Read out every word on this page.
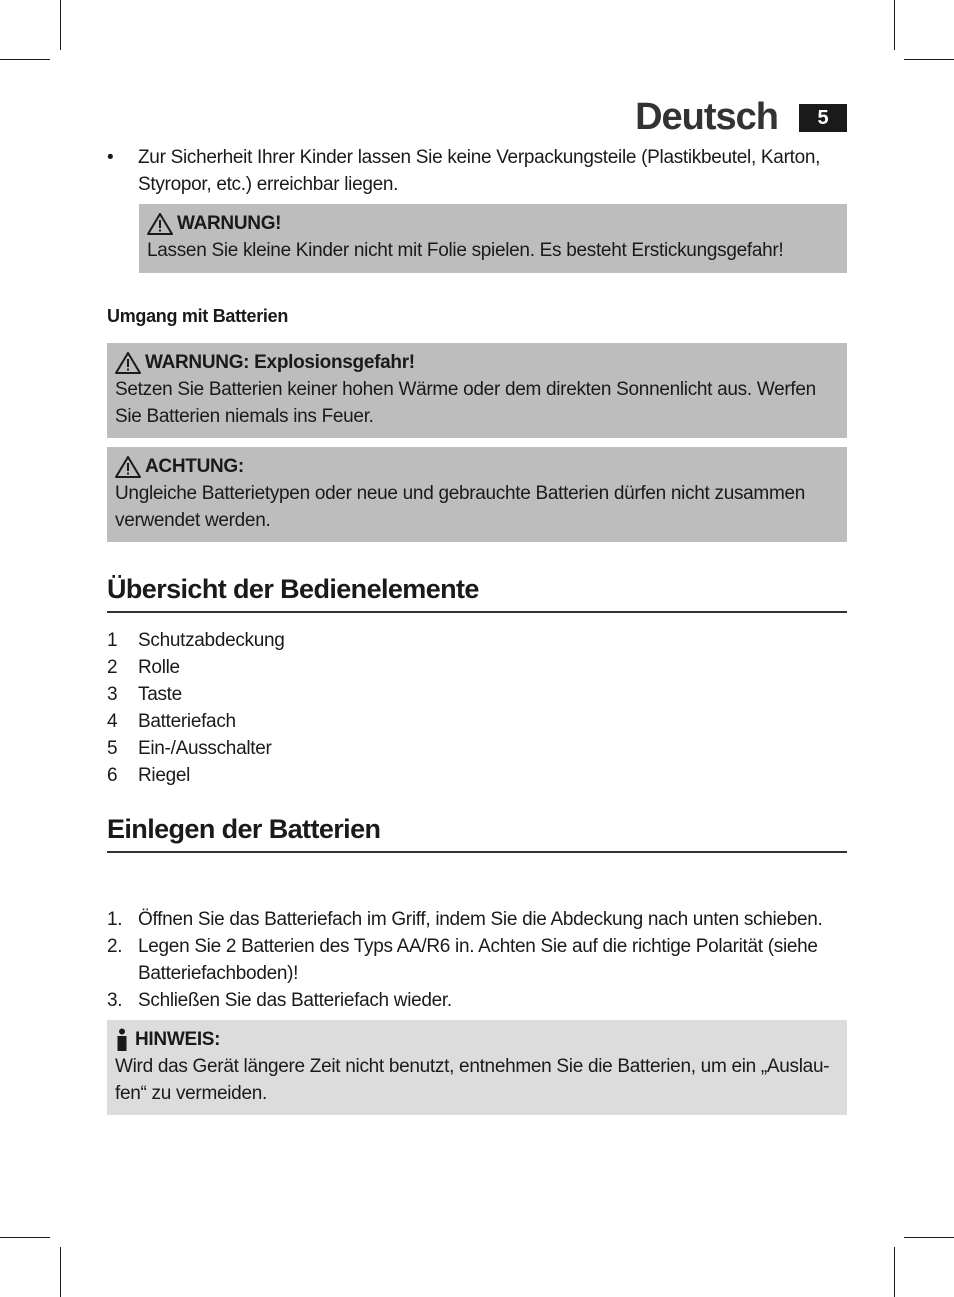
Deutsch	5
• Zur Sicherheit Ihrer Kinder lassen Sie keine Verpackungsteile (Plastikbeutel, Karton, Styropor, etc.) erreichbar liegen.
WARNUNG!
Lassen Sie kleine Kinder nicht mit Folie spielen. Es besteht Erstickungsgefahr!
Umgang mit Batterien
WARNUNG: Explosionsgefahr!
Setzen Sie Batterien keiner hohen Wärme oder dem direkten Sonnenlicht aus. Werfen Sie Batterien niemals ins Feuer.
ACHTUNG:
Ungleiche Batterietypen oder neue und gebrauchte Batterien dürfen nicht zusammen verwendet werden.
Übersicht der Bedienelemente
1 Schutzabdeckung
2 Rolle
3 Taste
4 Batteriefach
5 Ein-/Ausschalter
6 Riegel
Einlegen der Batterien
1. Öffnen Sie das Batteriefach im Griff, indem Sie die Abdeckung nach unten schieben.
2. Legen Sie 2 Batterien des Typs AA/R6 in. Achten Sie auf die richtige Polarität (siehe Batteriefachboden)!
3. Schließen Sie das Batteriefach wieder.
HINWEIS:
Wird das Gerät längere Zeit nicht benutzt, entnehmen Sie die Batterien, um ein „Auslau-fen“ zu vermeiden.
